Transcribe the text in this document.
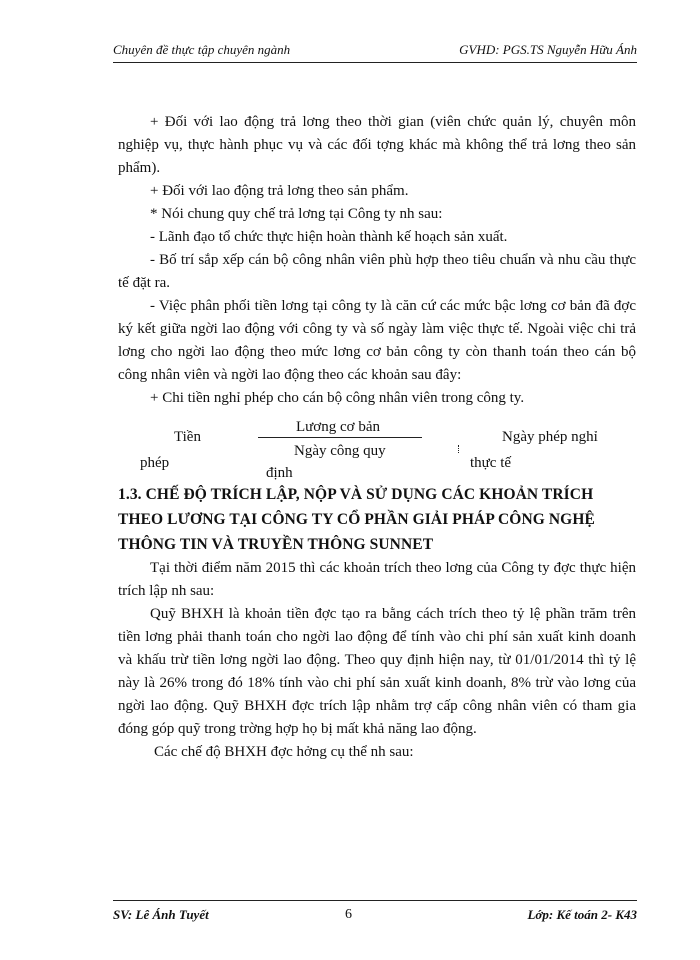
Chuyên đề thực tập chuyên ngành	GVHD: PGS.TS Nguyễn Hữu Ánh

+ Đối với lao động trả lơng theo thời gian (viên chức quản lý, chuyên môn nghiệp vụ, thực hành phục vụ và các đối tợng khác mà không thể trả lơng theo sản phẩm).

+ Đối với lao động trả lơng theo sản phẩm.

* Nói chung quy chế trả lơng tại Công ty nh sau:

- Lãnh đạo tổ chức thực hiện hoàn thành kế hoạch sản xuất.

- Bố trí sắp xếp cán bộ công nhân viên phù hợp theo tiêu chuẩn và nhu cầu thực tế đặt ra.

- Việc phân phối tiền lơng tại công ty là căn cứ các mức bậc lơng cơ bản đã đợc ký kết giữa ngời lao động với công ty và số ngày làm việc thực tế. Ngoài việc chi trả lơng cho ngời lao động theo mức lơng cơ bản công ty còn thanh toán theo cán bộ công nhân viên và ngời lao động theo các khoản sau đây:

+ Chi tiền nghỉ phép cho cán bộ công nhân viên trong công ty.

Tiền
phép
Lương cơ bản
Ngày công quy
định
Ngày phép nghỉ
thực tế

1.3. CHẾ ĐỘ TRÍCH LẬP, NỘP VÀ SỬ DỤNG CÁC KHOẢN TRÍCH THEO LƯƠNG TẠI CÔNG TY CỔ PHẦN GIẢI PHÁP CÔNG NGHỆ THÔNG TIN VÀ TRUYỀN THÔNG SUNNET

Tại thời điểm năm 2015 thì các khoản trích theo lơng của Công ty đợc thực hiện trích lập nh sau:

Quỹ BHXH là khoản tiền đợc tạo ra bằng cách trích theo tỷ lệ phần trăm trên tiền lơng phải thanh toán cho ngời lao động để tính vào chi phí sản xuất kinh doanh và khấu trừ tiền lơng ngời lao động. Theo quy định hiện nay, từ 01/01/2014 thì tỷ lệ này là 26% trong đó 18% tính vào chi phí sản xuất kinh doanh, 8% trừ vào lơng của ngời lao động. Quỹ BHXH đợc trích lập nhằm trợ cấp công nhân viên có tham gia đóng góp quỹ trong trờng hợp họ bị mất khả năng lao động.

Các chế độ BHXH đợc hởng cụ thể nh sau:

SV: Lê Ánh Tuyết	6	Lớp: Kế toán 2- K43
